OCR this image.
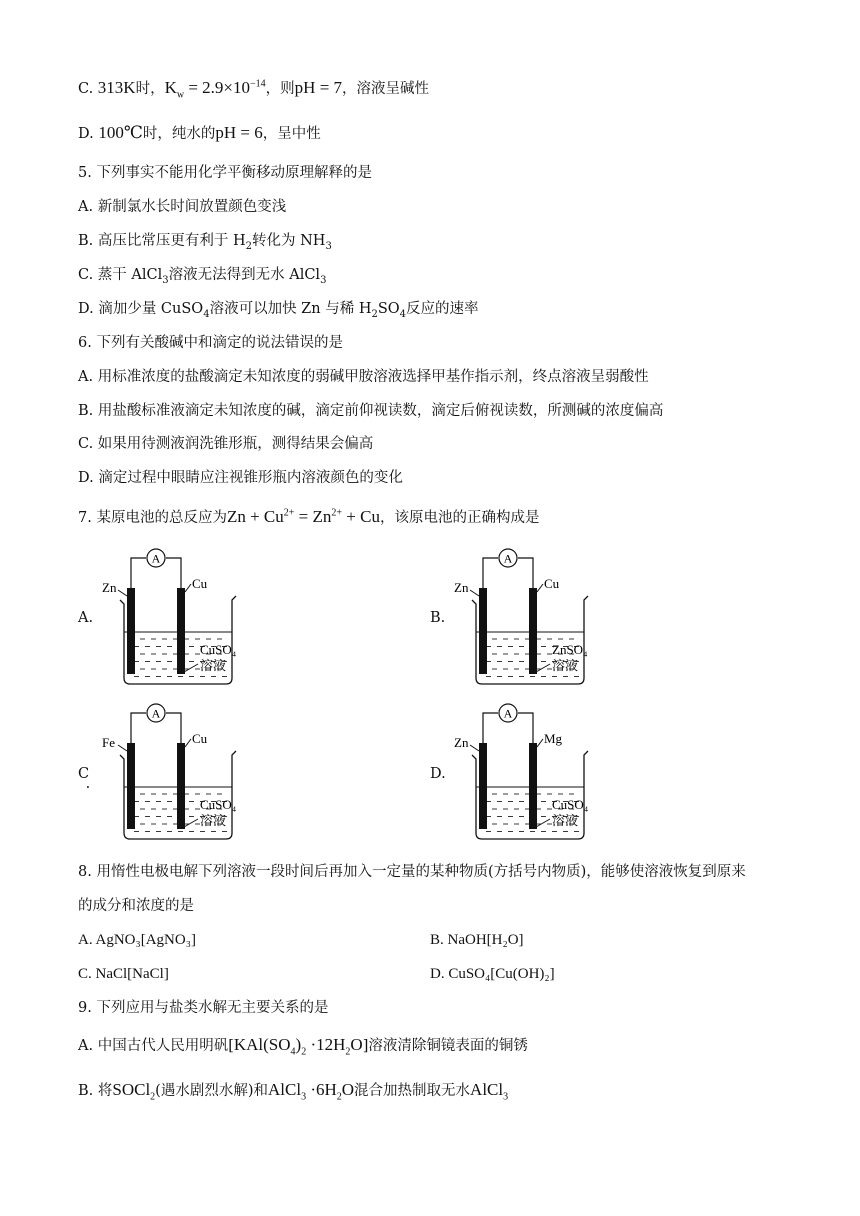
C. 313K时，$K_w = 2.9\times 10^{-14}$，则pH = 7，溶液呈碱性
D. 100℃时，纯水的pH = 6，呈中性
5. 下列事实不能用化学平衡移动原理解释的是
A. 新制氯水长时间放置颜色变浅
B. 高压比常压更有利于 $H_2$转化为 $NH_3$
C. 蒸干 AlCl$_3$溶液无法得到无水 AlCl$_3$
D. 滴加少量 CuSO$_4$溶液可以加快 Zn 与稀 $H_2SO_4$反应的速率
6. 下列有关酸碱中和滴定的说法错误的是
A. 用标准浓度的盐酸滴定未知浓度的弱碱甲胺溶液选择甲基作指示剂，终点溶液呈弱酸性
B. 用盐酸标准液滴定未知浓度的碱，滴定前仰视读数，滴定后俯视读数，所测碱的浓度偏高
C. 如果用待测液润洗锥形瓶，测得结果会偏高
D. 滴定过程中眼睛应注视锥形瓶内溶液颜色的变化
7. 某原电池的总反应为$Zn + Cu^{2+} = Zn^{2+} + Cu$，该原电池的正确构成是
A.	B.
C.
D.
A
Zn	Cu
CuSO₄
溶液
A
Zn	Cu
ZnSO₄
溶液
A
Fe	Cu
CuSO₄
溶液
A
Zn	Mg
CuSO₄
溶液
8. 用惰性电极电解下列溶液一段时间后再加入一定量的某种物质(方括号内物质)，能够使溶液恢复到原来
的成分和浓度的是
A. AgNO₃[AgNO₃]	B. NaOH[H₂O]
C. NaCl[NaCl]	D. CuSO₄[Cu(OH)₂]
9. 下列应用与盐类水解无主要关系的是
A. 中国古代人民用明矾$[KAl(SO_4)_2 \cdot 12H_2O]$溶液清除铜镜表面的铜锈
B. 将SOCl$_2$(遇水剧烈水解)和AlCl$_3$ $\cdot 6H_2O$混合加热制取无水AlCl$_3$
